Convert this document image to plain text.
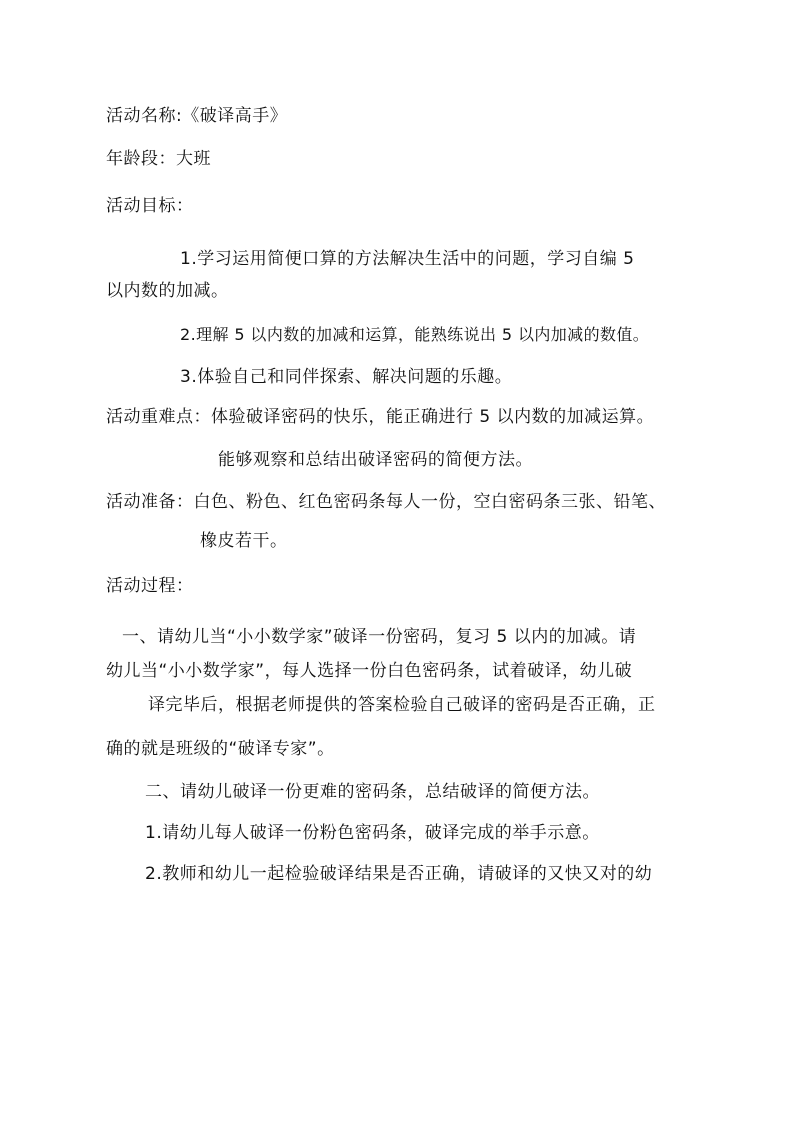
活动名称:《破译高手》
年龄段：大班
活动目标：
1.学习运用简便口算的方法解决生活中的问题，学习自编 5
以内数的加减。
2.理解 5 以内数的加减和运算，能熟练说出 5 以内加减的数值。
3.体验自己和同伴探索、解决问题的乐趣。
活动重难点：体验破译密码的快乐，能正确进行 5 以内数的加减运算。
能够观察和总结出破译密码的简便方法。
活动准备：白色、粉色、红色密码条每人一份，空白密码条三张、铅笔、
橡皮若干。
活动过程：
一、请幼儿当“小小数学家”破译一份密码，复习 5 以内的加减。请
幼儿当“小小数学家”，每人选择一份白色密码条，试着破译，幼儿破
译完毕后，根据老师提供的答案检验自己破译的密码是否正确，正
确的就是班级的“破译专家”。
二、请幼儿破译一份更难的密码条，总结破译的简便方法。
1.请幼儿每人破译一份粉色密码条，破译完成的举手示意。
2.教师和幼儿一起检验破译结果是否正确，请破译的又快又对的幼
